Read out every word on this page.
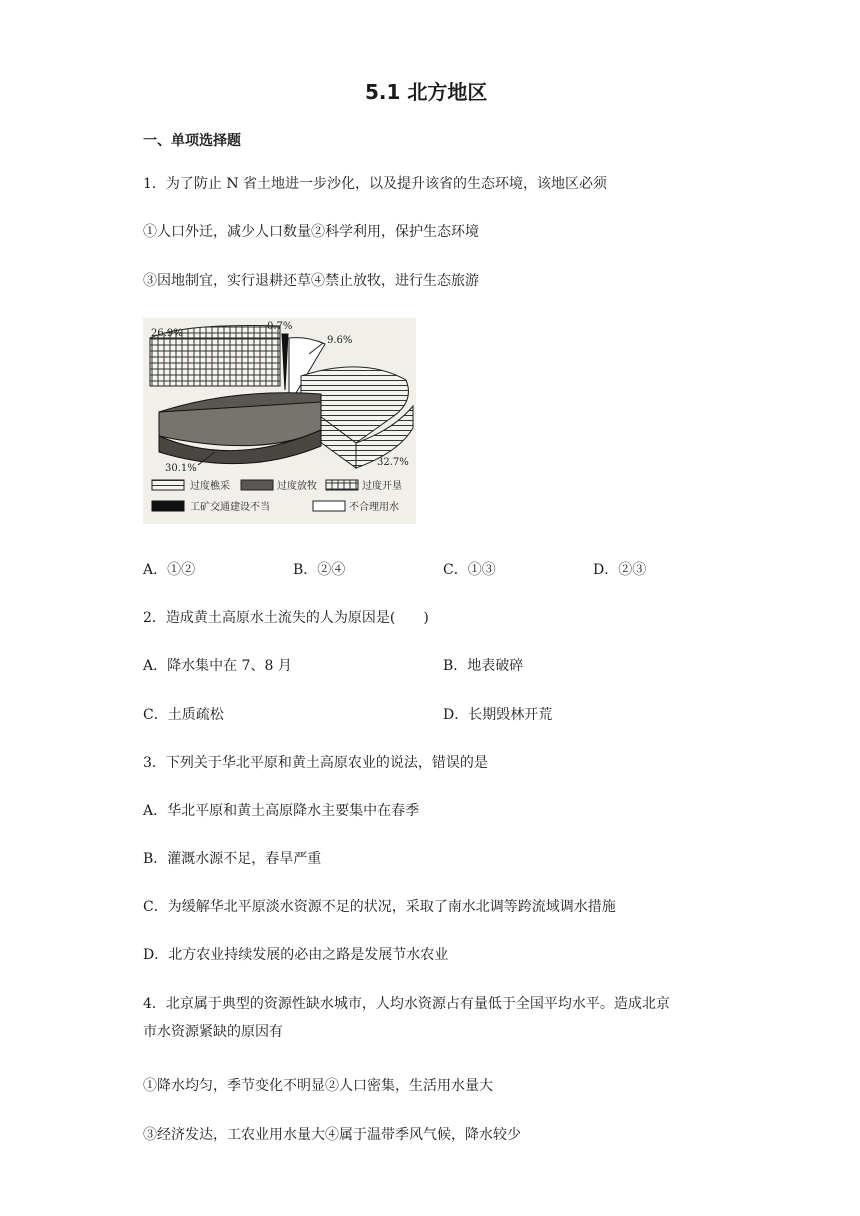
5.1 北方地区
一、单项选择题
1．为了防止 N 省土地进一步沙化，以及提升该省的生态环境，该地区必须
①人口外迁，减少人口数量②科学利用，保护生态环境
③因地制宜，实行退耕还草④禁止放牧，进行生态旅游
26.9%
0.7%
9.6%
32.7%
30.1%
过度樵采	过度放牧	过度开垦
工矿交通建设不当	不合理用水
A．①②	B．②④	C．①③	D．②③
2．造成黄土高原水土流失的人为原因是(　　)
A．降水集中在 7、8 月	B．地表破碎
C．土质疏松	D．长期毁林开荒
3．下列关于华北平原和黄土高原农业的说法，错误的是
A．华北平原和黄土高原降水主要集中在春季
B．灌溉水源不足，春旱严重
C．为缓解华北平原淡水资源不足的状况，采取了南水北调等跨流域调水措施
D．北方农业持续发展的必由之路是发展节水农业
4．北京属于典型的资源性缺水城市，人均水资源占有量低于全国平均水平。造成北京
市水资源紧缺的原因有
①降水均匀，季节变化不明显②人口密集，生活用水量大
③经济发达，工农业用水量大④属于温带季风气候，降水较少
